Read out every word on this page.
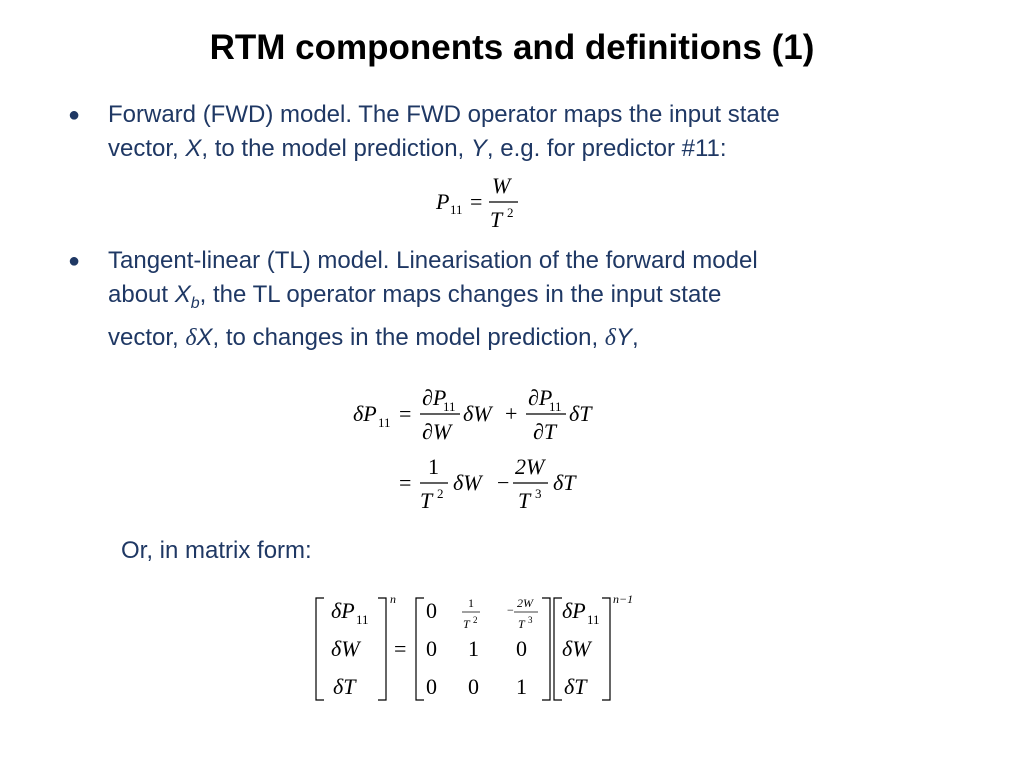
RTM components and definitions (1)
● Forward (FWD) model. The FWD operator maps the input state
vector, X, to the model prediction, Y, e.g. for predictor #11:
P 11 =
W
T 2
● Tangent-linear (TL) model. Linearisation of the forward model
about $X_b$, the TL operator maps changes in the input state
vector, δX, to changes in the model prediction, δY,
δP 11 =
∂P
11
∂W
δW +
∂P
11
∂T
δT
=
1
T 2 δW −
2W
T 3 δT
Or, in matrix form:
δP 11
δW
δT
n
=
0	1
T 2
− 2W
T 3
0 1 0
0 0 1
δP 11
δW
δT
n−1
